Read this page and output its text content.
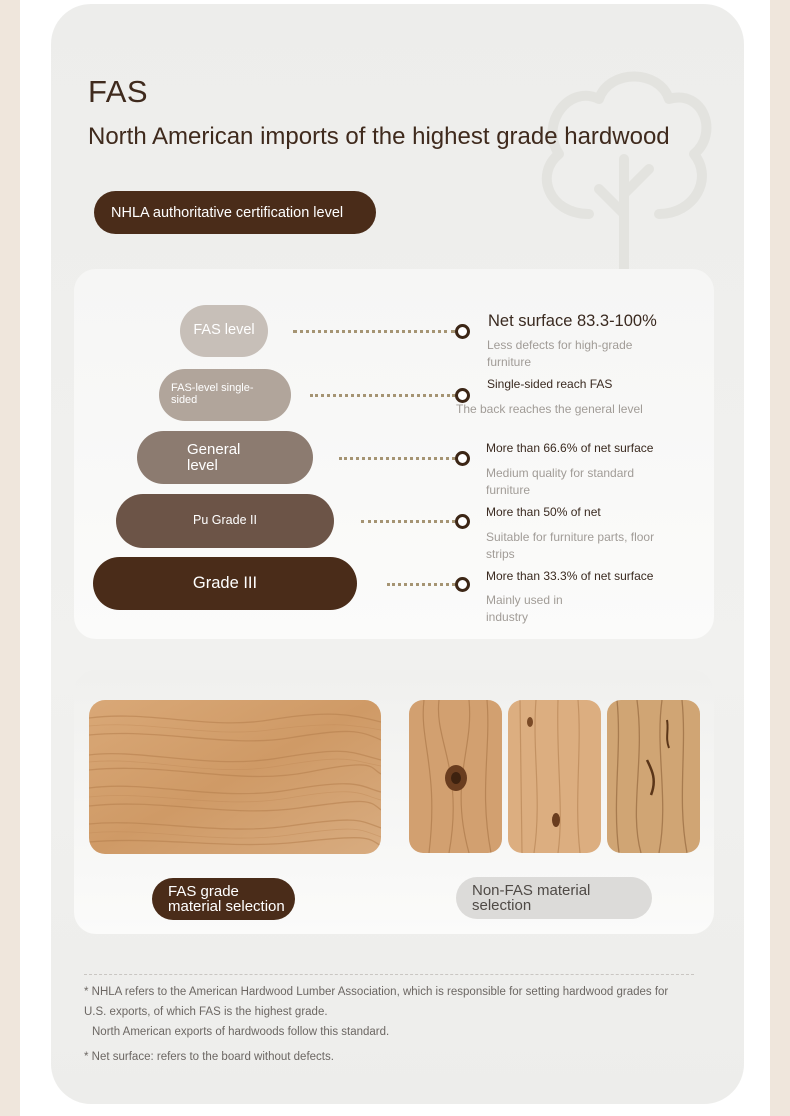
FAS
North American imports of the highest grade hardwood
NHLA authoritative certification level
FAS level
FAS-level single-sided
General level
Pu Grade II
Grade III
Net surface 83.3-100%
Less defects for high-grade furniture
Single-sided reach FAS
The back reaches the general level
More than 66.6% of net surface
Medium quality for standard furniture
More than 50% of net
Suitable for furniture parts, floor strips
More than 33.3% of net surface
Mainly used in industry
FAS grade material selection
Non-FAS material selection
* NHLA refers to the American Hardwood Lumber Association, which is responsible for setting hardwood grades for
U.S. exports, of which FAS is the highest grade.
North American exports of hardwoods follow this standard.
* Net surface: refers to the board without defects.
